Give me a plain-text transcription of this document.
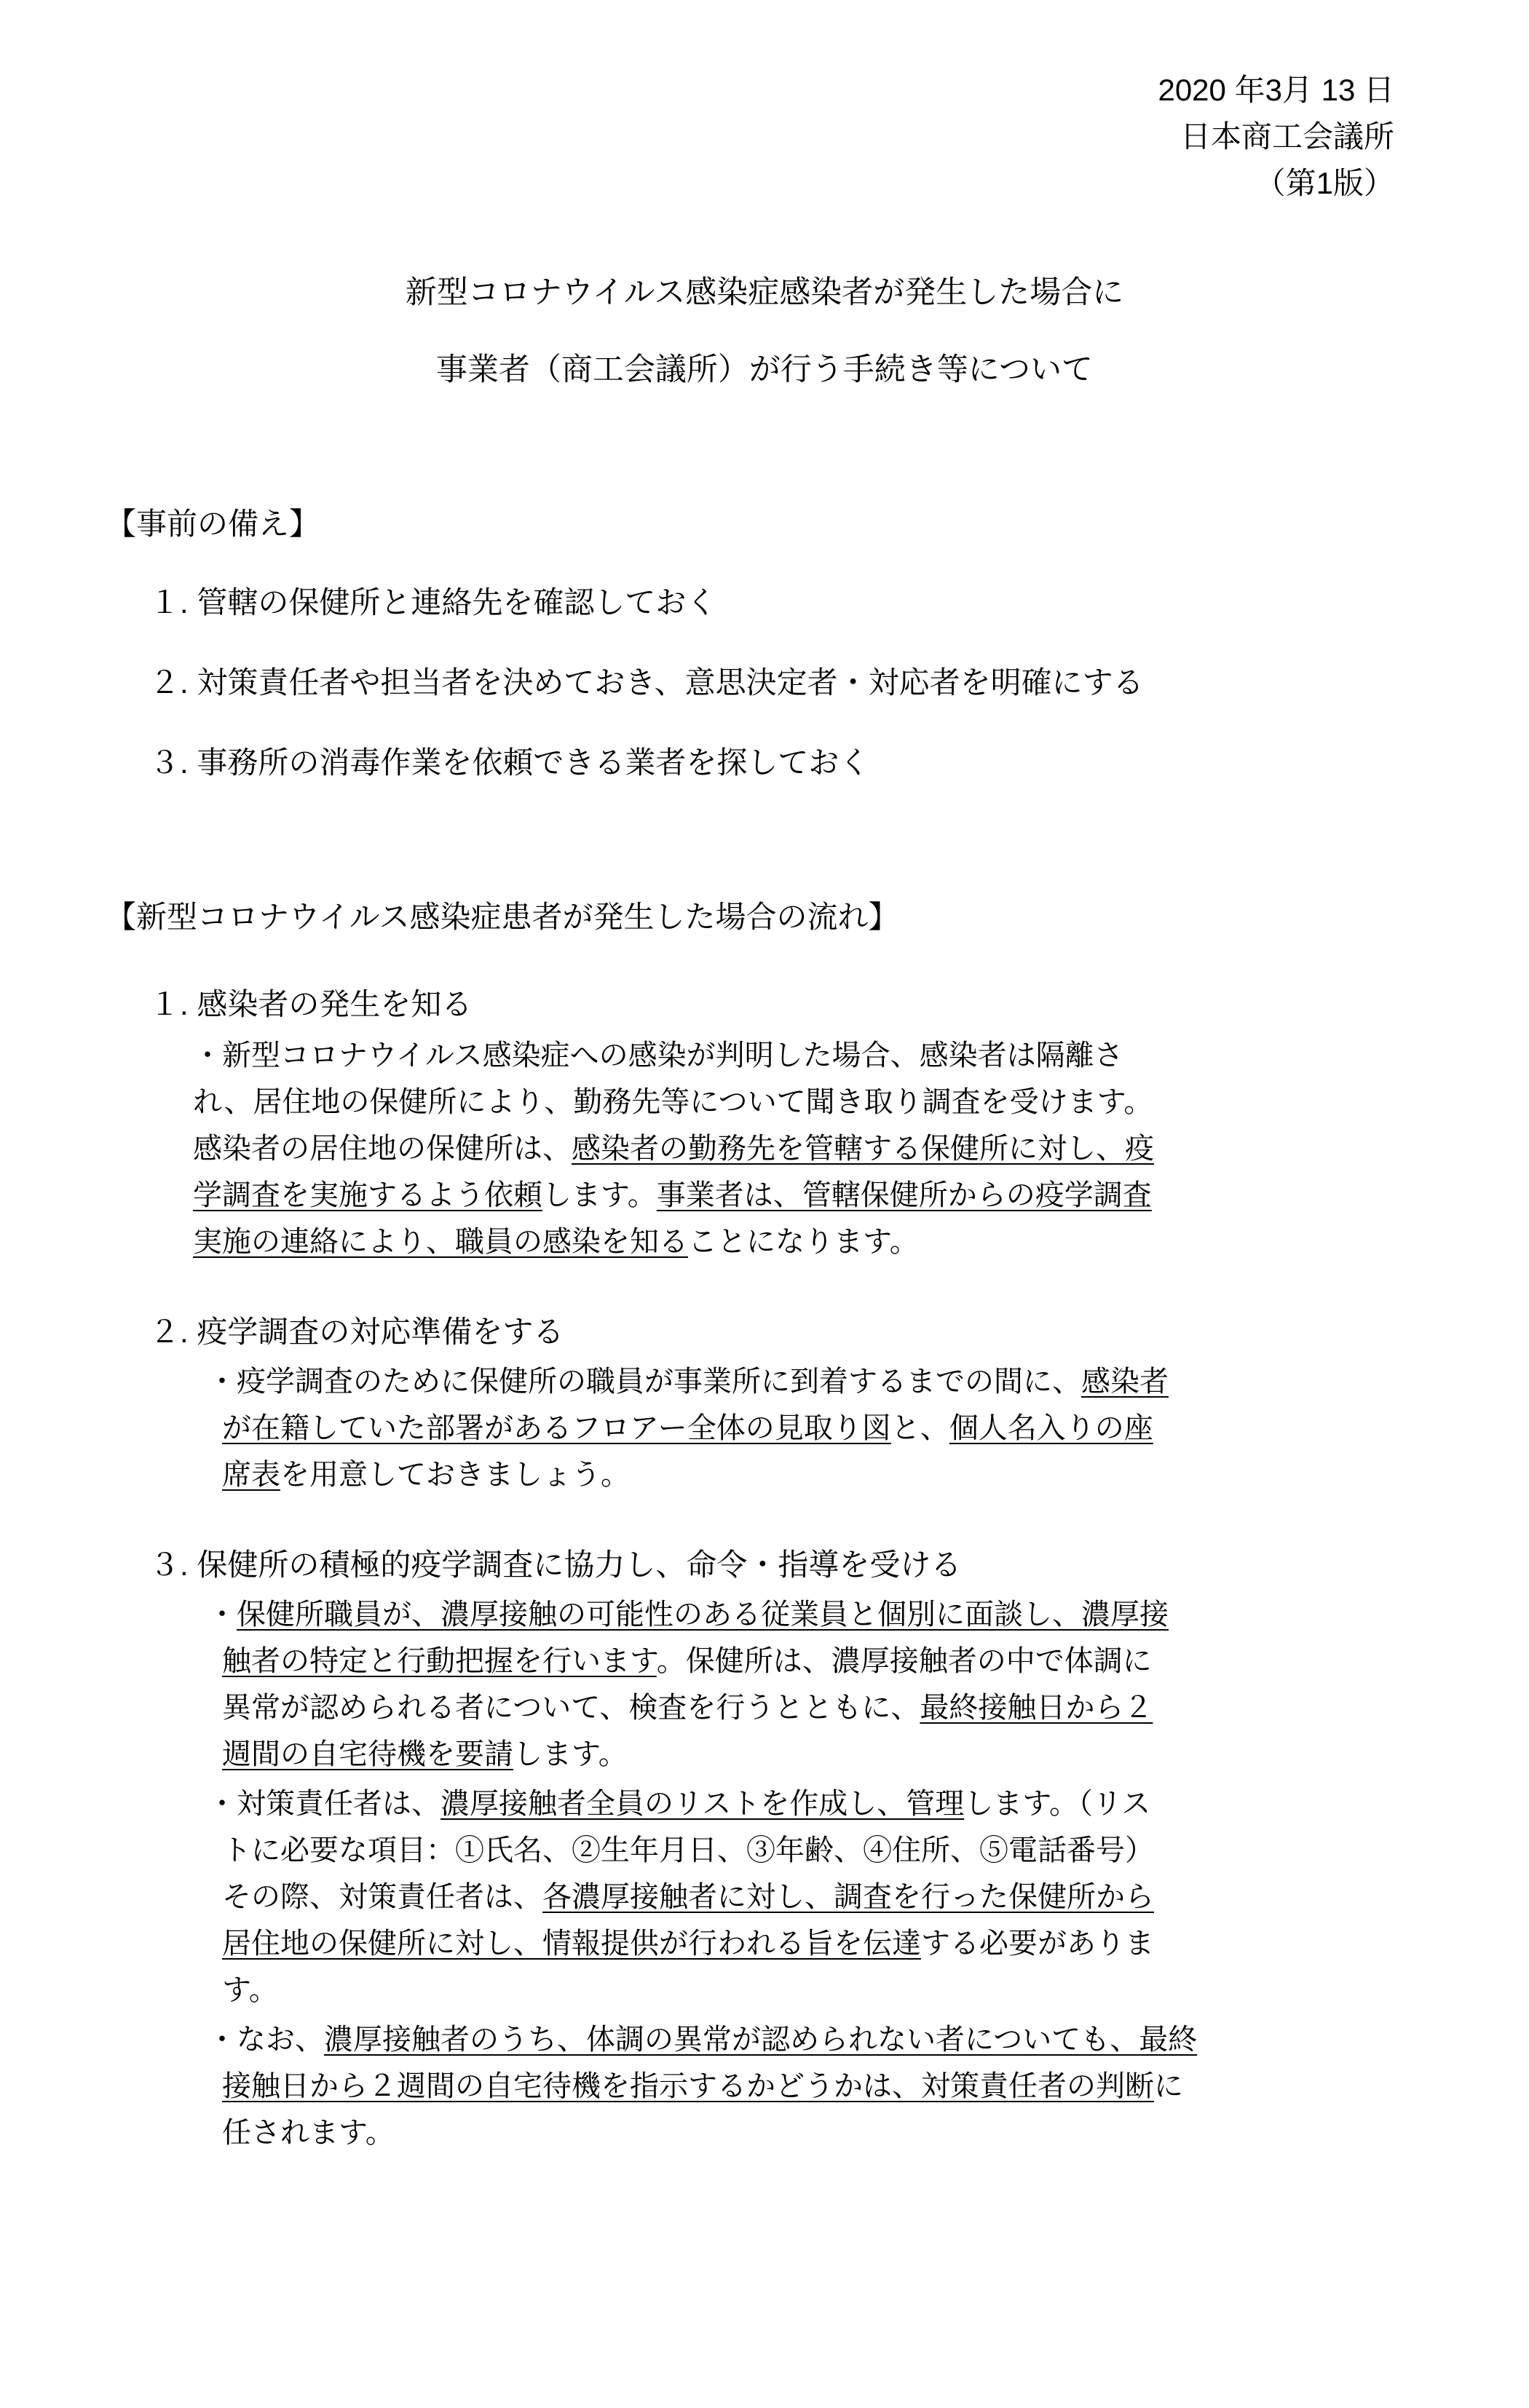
2020 年3月 13 日
日本商工会議所
（第1版）
新型コロナウイルス感染症感染者が発生した場合に
事業者（商工会議所）が行う手続き等について
【事前の備え】
１. 管轄の保健所と連絡先を確認しておく
２. 対策責任者や担当者を決めておき、意思決定者・対応者を明確にする
３. 事務所の消毒作業を依頼できる業者を探しておく
【新型コロナウイルス感染症患者が発生した場合の流れ】
１. 感染者の発生を知る
・新型コロナウイルス感染症への感染が判明した場合、感染者は隔離さ
れ、居住地の保健所により、勤務先等について聞き取り調査を受けます。
感染者の居住地の保健所は、感染者の勤務先を管轄する保健所に対し、疫
学調査を実施するよう依頼します。事業者は、管轄保健所からの疫学調査
実施の連絡により、職員の感染を知ることになります。
２. 疫学調査の対応準備をする
・疫学調査のために保健所の職員が事業所に到着するまでの間に、感染者
が在籍していた部署があるフロアー全体の見取り図と、個人名入りの座
席表を用意しておきましょう。
３. 保健所の積極的疫学調査に協力し、命令・指導を受ける
・保健所職員が、濃厚接触の可能性のある従業員と個別に面談し、濃厚接
触者の特定と行動把握を行います。保健所は、濃厚接触者の中で体調に
異常が認められる者について、検査を行うとともに、最終接触日から２
週間の自宅待機を要請します。
・対策責任者は、濃厚接触者全員のリストを作成し、管理します。（リス
トに必要な項目：①氏名、②生年月日、③年齢、④住所、⑤電話番号）
その際、対策責任者は、各濃厚接触者に対し、調査を行った保健所から
居住地の保健所に対し、情報提供が行われる旨を伝達する必要がありま
す。
・なお、濃厚接触者のうち、体調の異常が認められない者についても、最終
接触日から２週間の自宅待機を指示するかどうかは、対策責任者の判断に
任されます。
